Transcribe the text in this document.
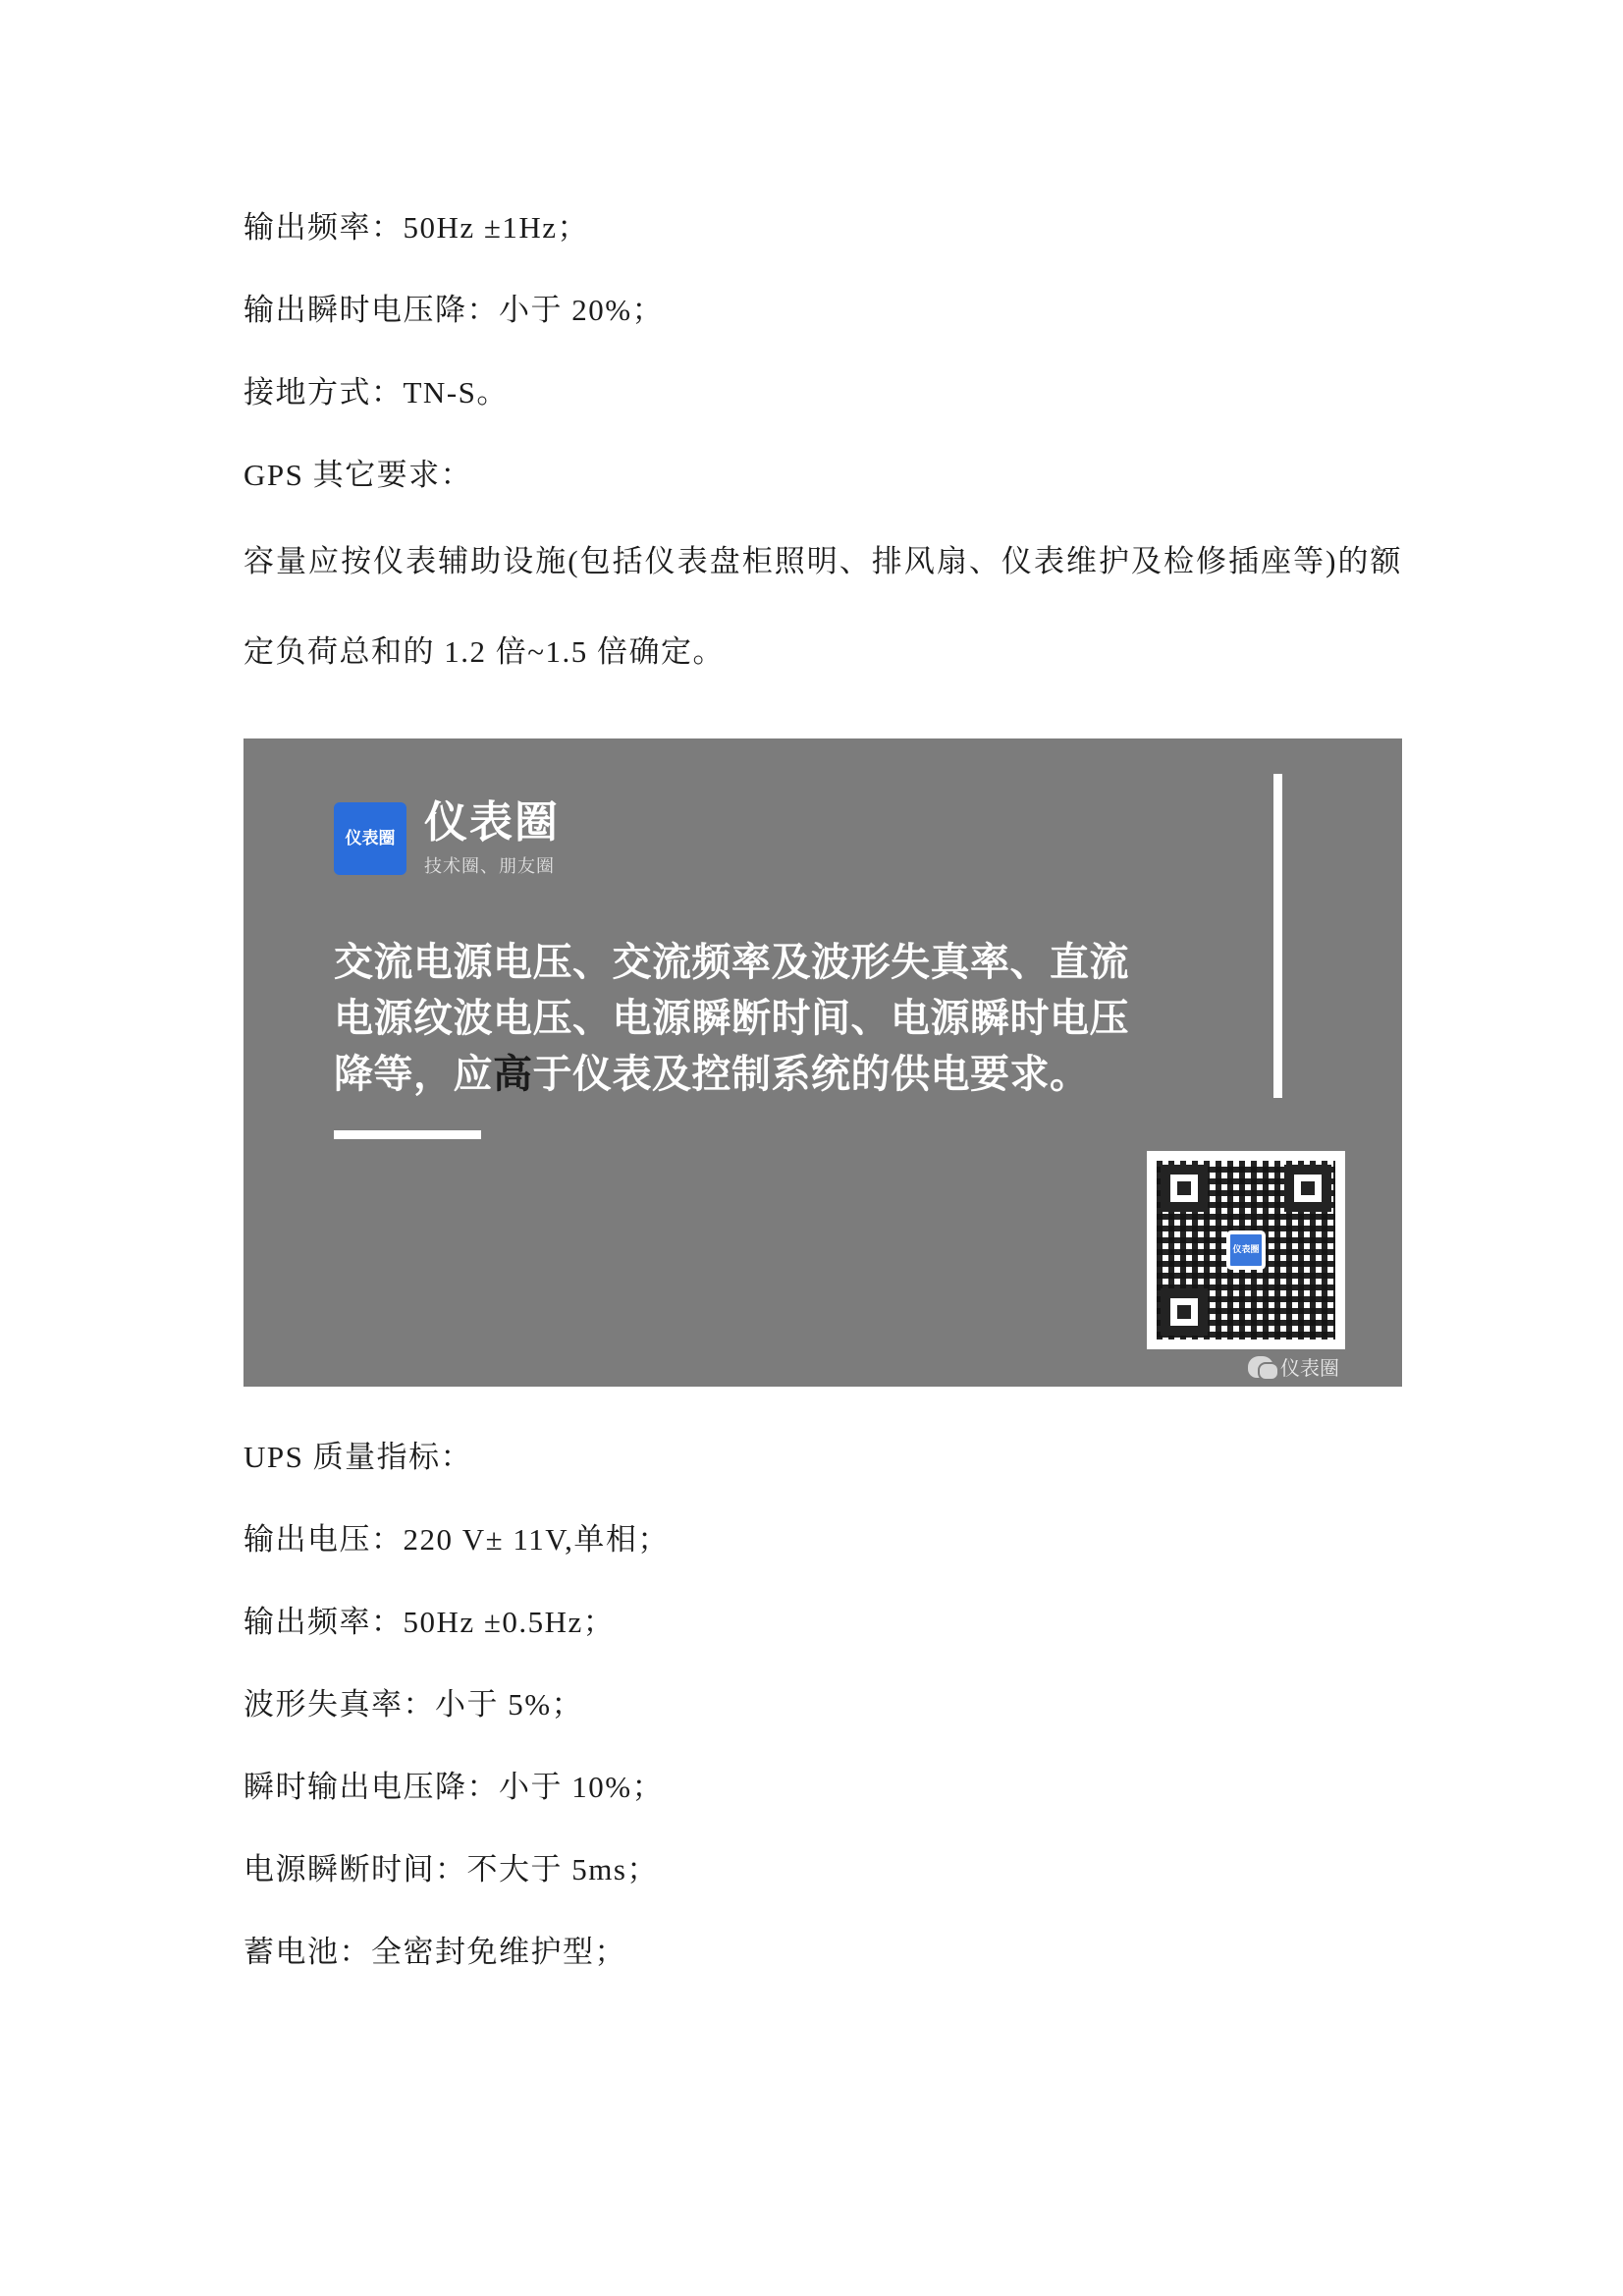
输出频率：50Hz ±1Hz；
输出瞬时电压降：小于 20%；
接地方式：TN-S。
GPS 其它要求：
容量应按仪表辅助设施(包括仪表盘柜照明、排风扇、仪表维护及检修插座等)的额定负荷总和的 1.2 倍~1.5 倍确定。
仪表圈 仪表圈
技术圈、朋友圈
交流电源电压、交流频率及波形失真率、直流电源纹波电压、电源瞬断时间、电源瞬时电压降等，应高于仪表及控制系统的供电要求。
仪表圈
仪表圈
UPS 质量指标：
输出电压：220 V± 11V,单相；
输出频率：50Hz ±0.5Hz；
波形失真率：小于 5%；
瞬时输出电压降：小于 10%；
电源瞬断时间：不大于 5ms；
蓄电池：全密封免维护型；
